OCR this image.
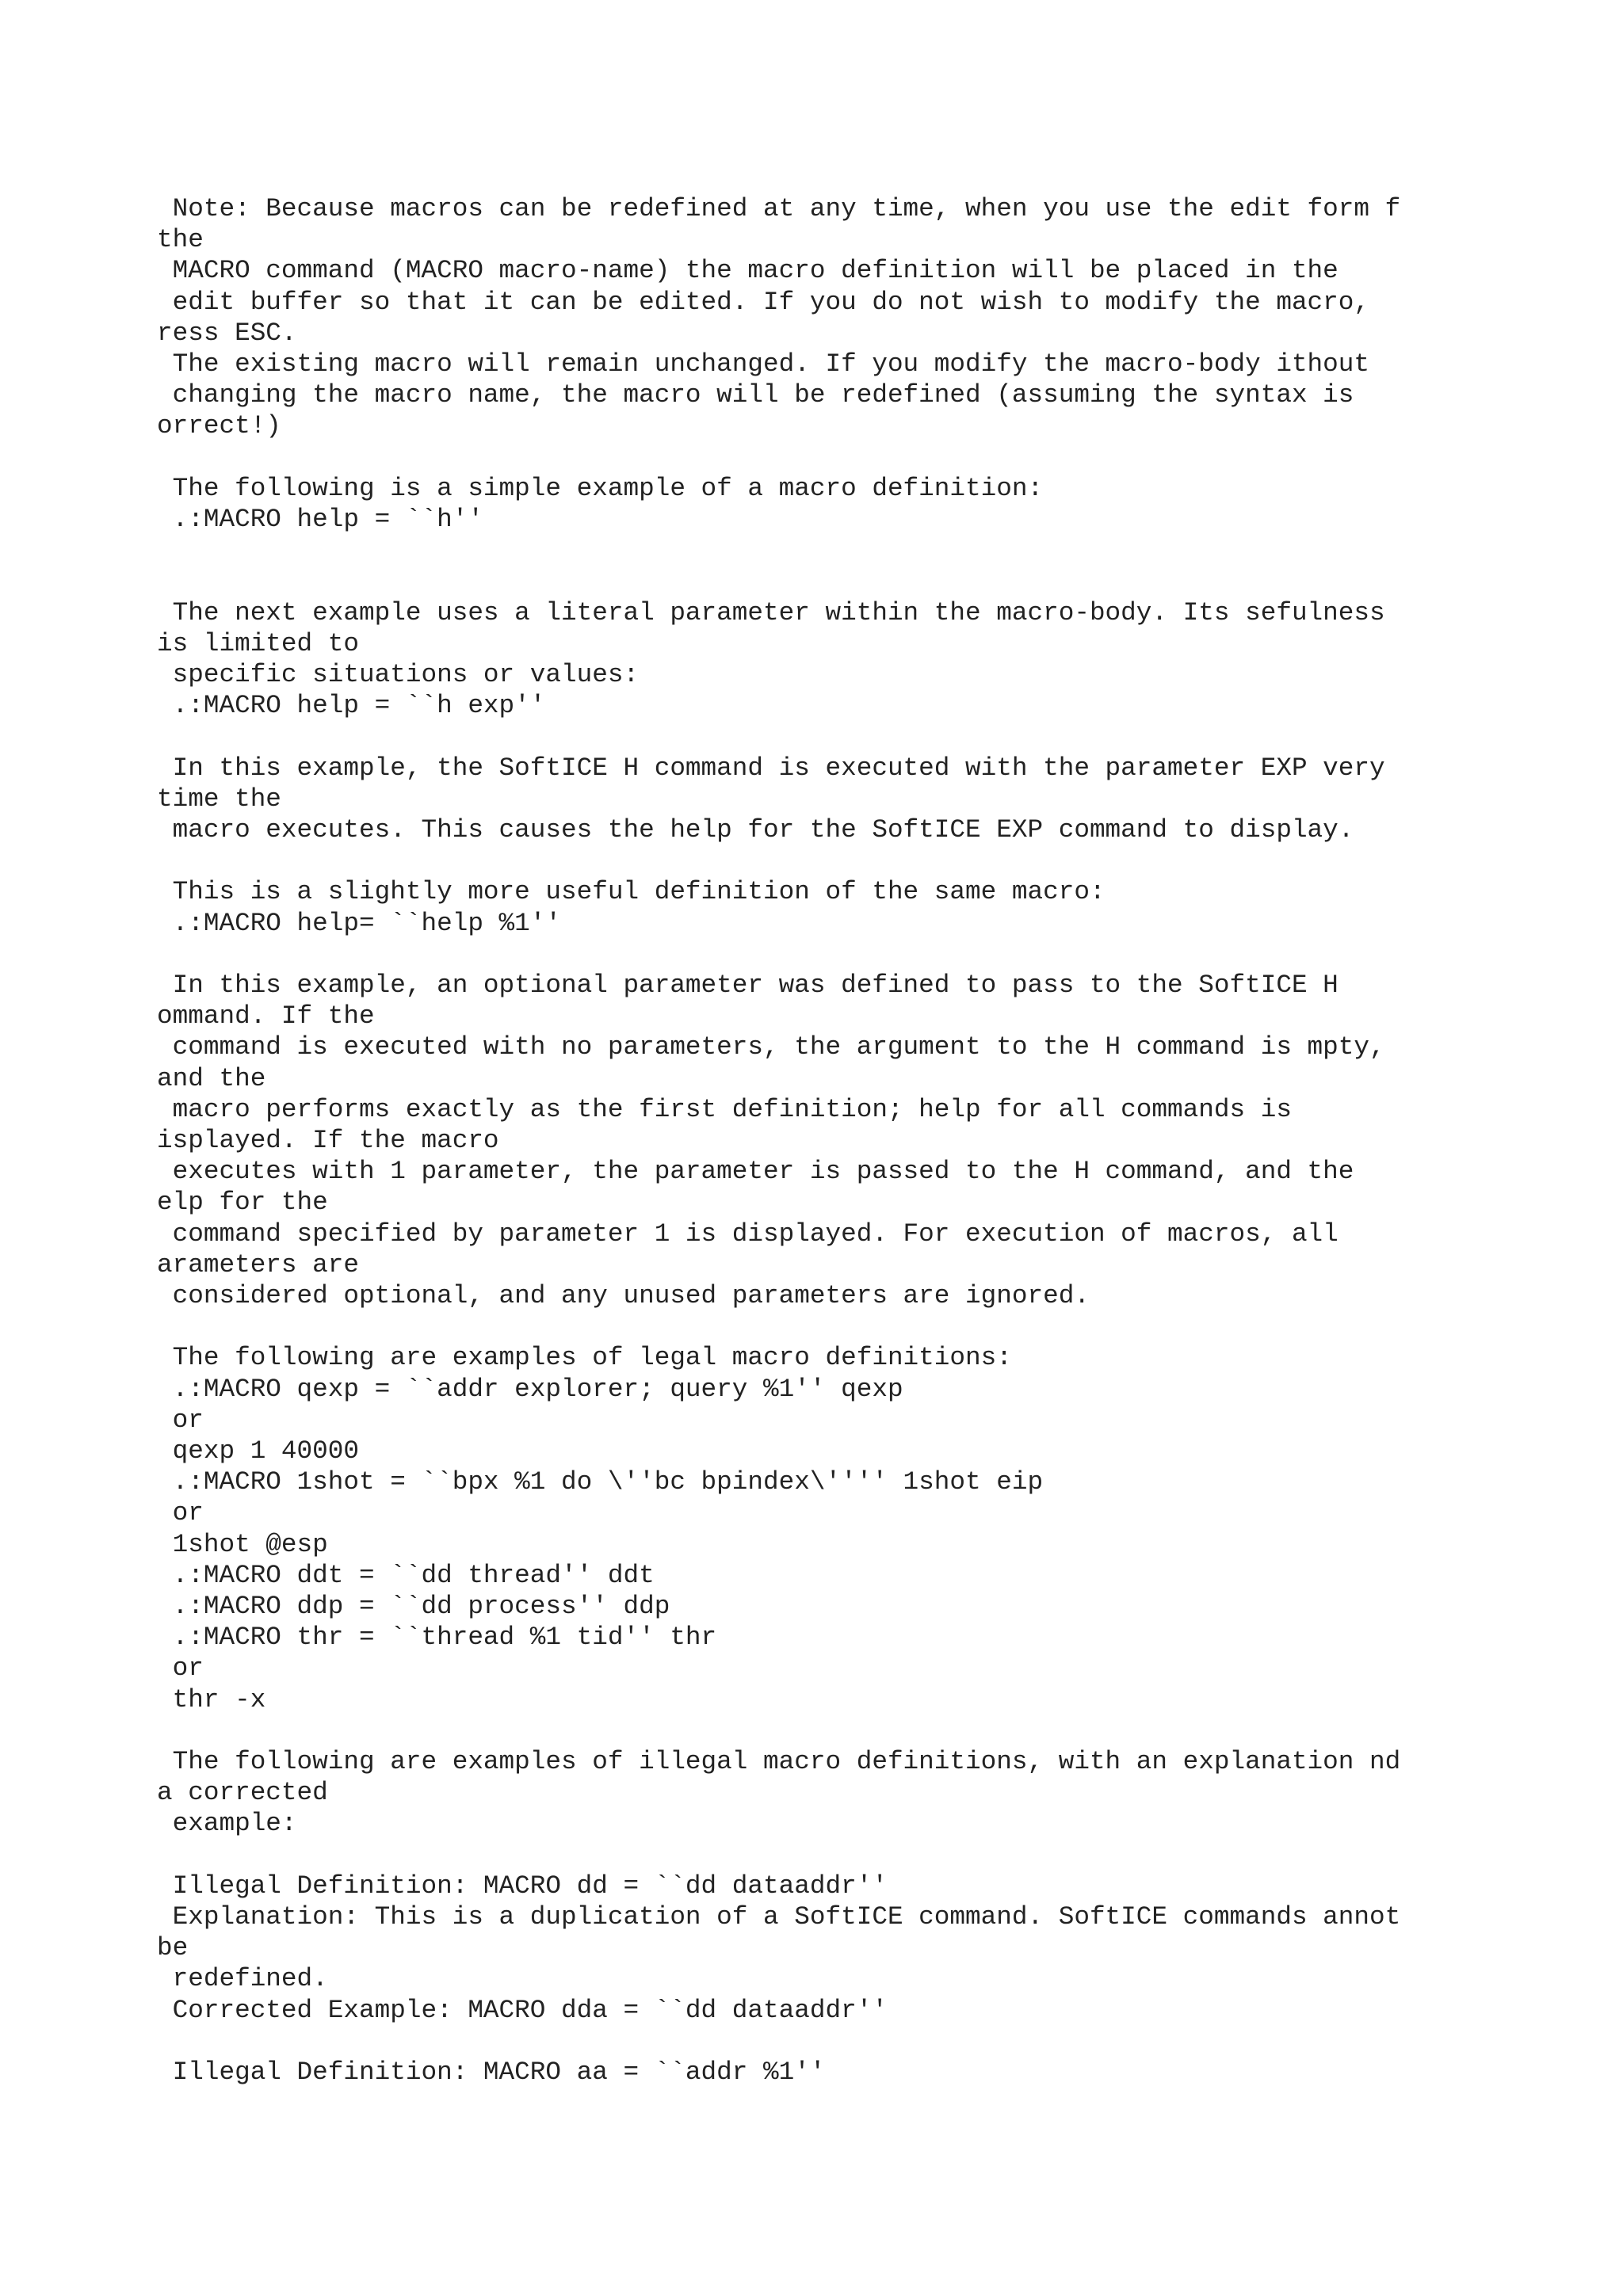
Note: Because macros can be redefined at any time, when you use the edit form f
the
MACRO command (MACRO macro-name) the macro definition will be placed in the
edit buffer so that it can be edited. If you do not wish to modify the macro,
ress ESC.
The existing macro will remain unchanged. If you modify the macro-body ithout
changing the macro name, the macro will be redefined (assuming the syntax is
orrect!)
The following is a simple example of a macro definition:
.:MACRO help = ``h''
The next example uses a literal parameter within the macro-body. Its sefulness
is limited to
specific situations or values:
.:MACRO help = ``h exp''
In this example, the SoftICE H command is executed with the parameter EXP very
time the
macro executes. This causes the help for the SoftICE EXP command to display.
This is a slightly more useful definition of the same macro:
.:MACRO help= ``help %1''
In this example, an optional parameter was defined to pass to the SoftICE H
ommand. If the
command is executed with no parameters, the argument to the H command is mpty,
and the
macro performs exactly as the first definition; help for all commands is
isplayed. If the macro
executes with 1 parameter, the parameter is passed to the H command, and the
elp for the
command specified by parameter 1 is displayed. For execution of macros, all
arameters are
considered optional, and any unused parameters are ignored.
The following are examples of legal macro definitions:
.:MACRO qexp = ``addr explorer; query %1'' qexp
or
qexp 1 40000
.:MACRO 1shot = ``bpx %1 do \''bc bpindex\'''' 1shot eip
or
1shot @esp
.:MACRO ddt = ``dd thread'' ddt
.:MACRO ddp = ``dd process'' ddp
.:MACRO thr = ``thread %1 tid'' thr
or
thr -x
The following are examples of illegal macro definitions, with an explanation nd
a corrected
example:
Illegal Definition: MACRO dd = ``dd dataaddr''
Explanation: This is a duplication of a SoftICE command. SoftICE commands annot
be
redefined.
Corrected Example: MACRO dda = ``dd dataaddr''
Illegal Definition: MACRO aa = ``addr %1''
